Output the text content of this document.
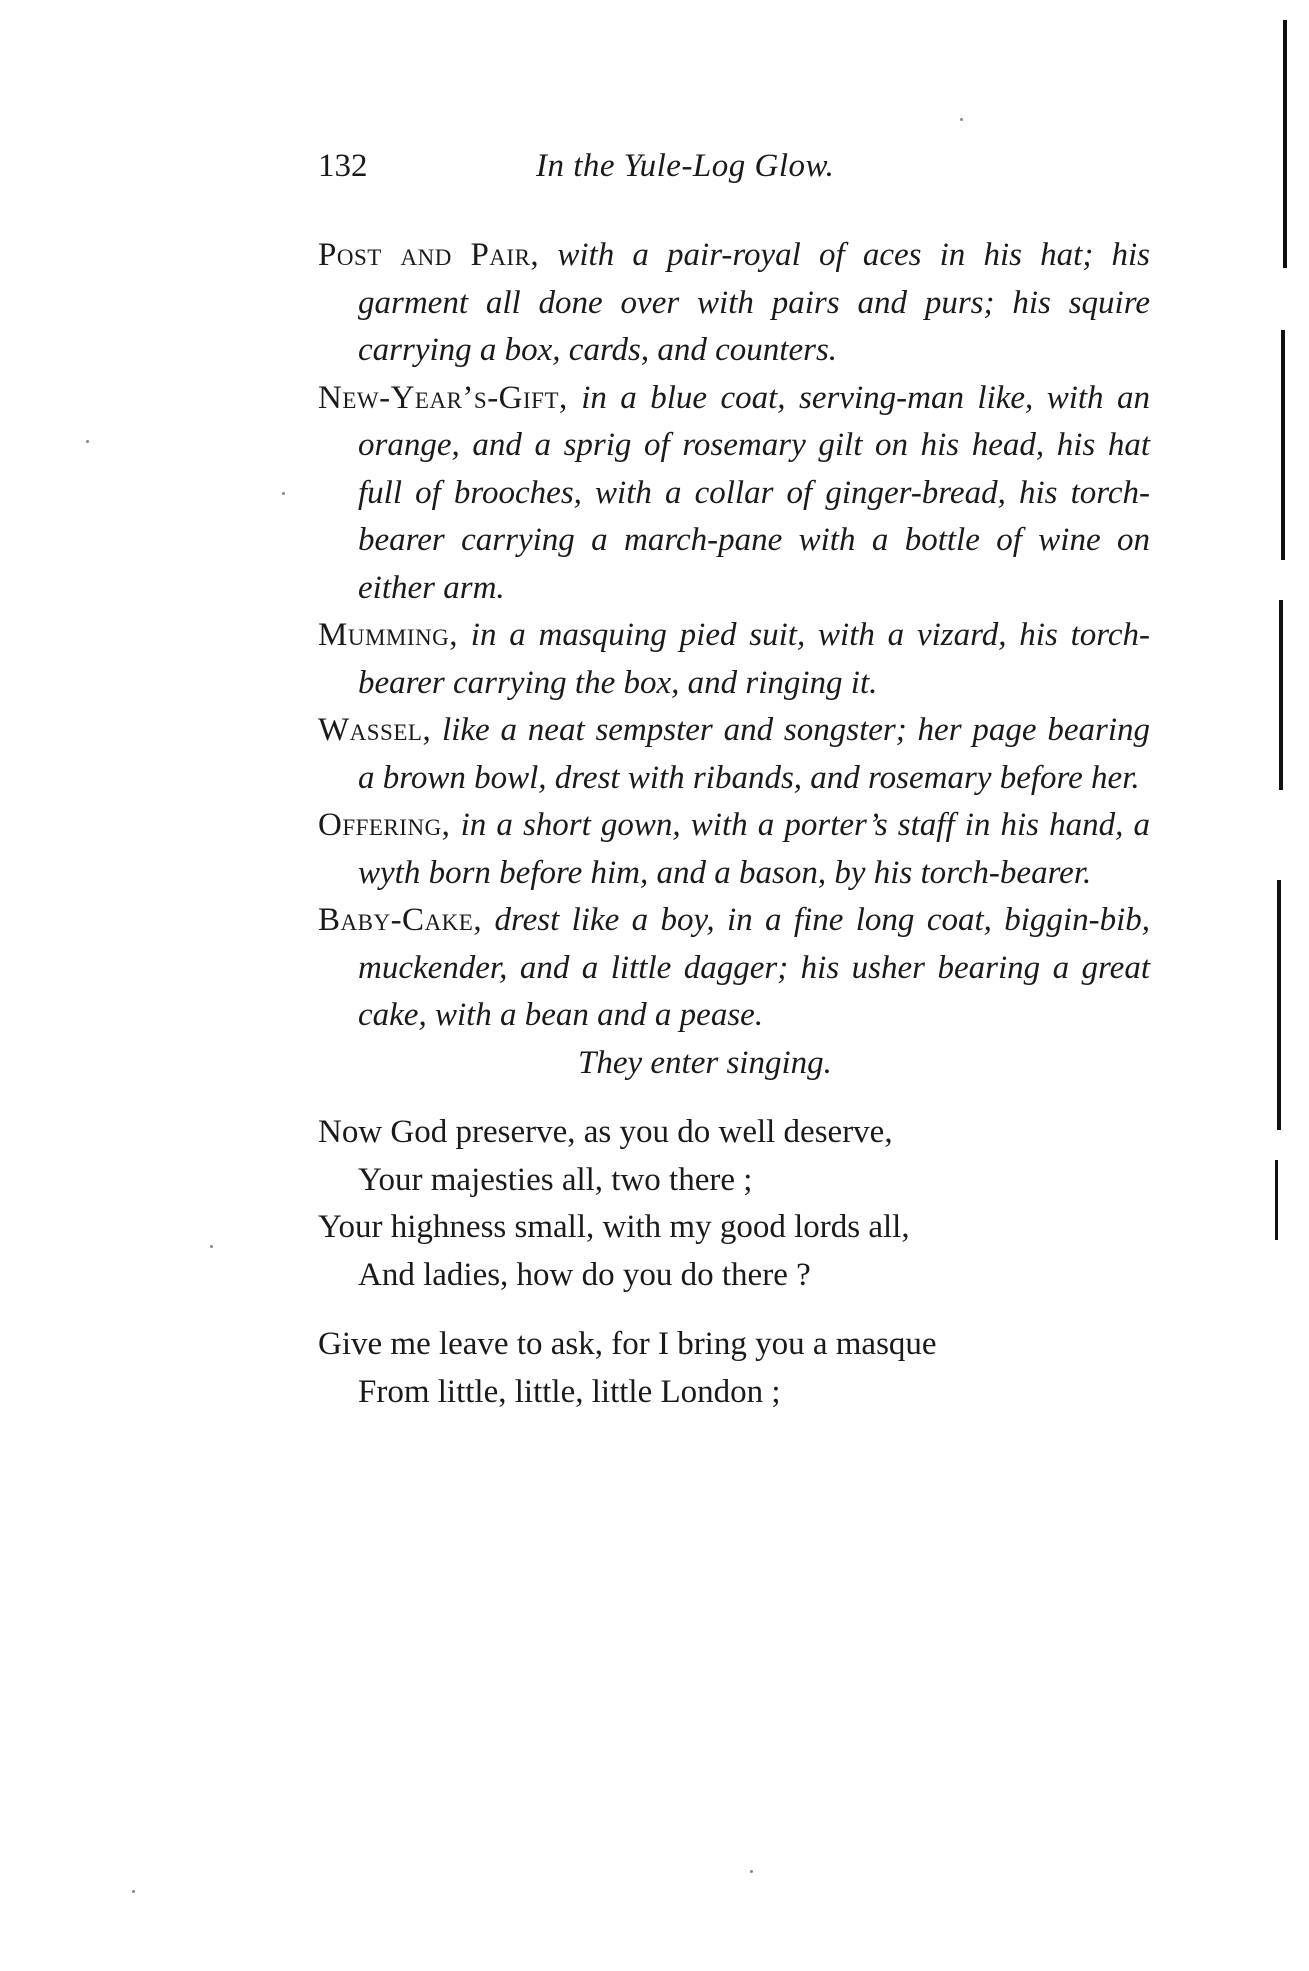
132	In the Yule-Log Glow.

Post and Pair, with a pair-royal of aces in his hat; his garment all done over with pairs and purs; his squire carrying a box, cards, and counters.

New-Year’s-Gift, in a blue coat, serving-man like, with an orange, and a sprig of rosemary gilt on his head, his hat full of brooches, with a collar of ginger-bread, his torch-bearer carrying a march-pane with a bottle of wine on either arm.

Mumming, in a masquing pied suit, with a vizard, his torch-bearer carrying the box, and ringing it.

Wassel, like a neat sempster and songster; her page bearing a brown bowl, drest with ribands, and rosemary before her.

Offering, in a short gown, with a porter’s staff in his hand, a wyth born before him, and a bason, by his torch-bearer.

Baby-Cake, drest like a boy, in a fine long coat, biggin-bib, muckender, and a little dagger; his usher bearing a great cake, with a bean and a pease.

They enter singing.

Now God preserve, as you do well deserve,
Your majesties all, two there ;
Your highness small, with my good lords all,
And ladies, how do you do there ?
Give me leave to ask, for I bring you a masque
From little, little, little London ;
